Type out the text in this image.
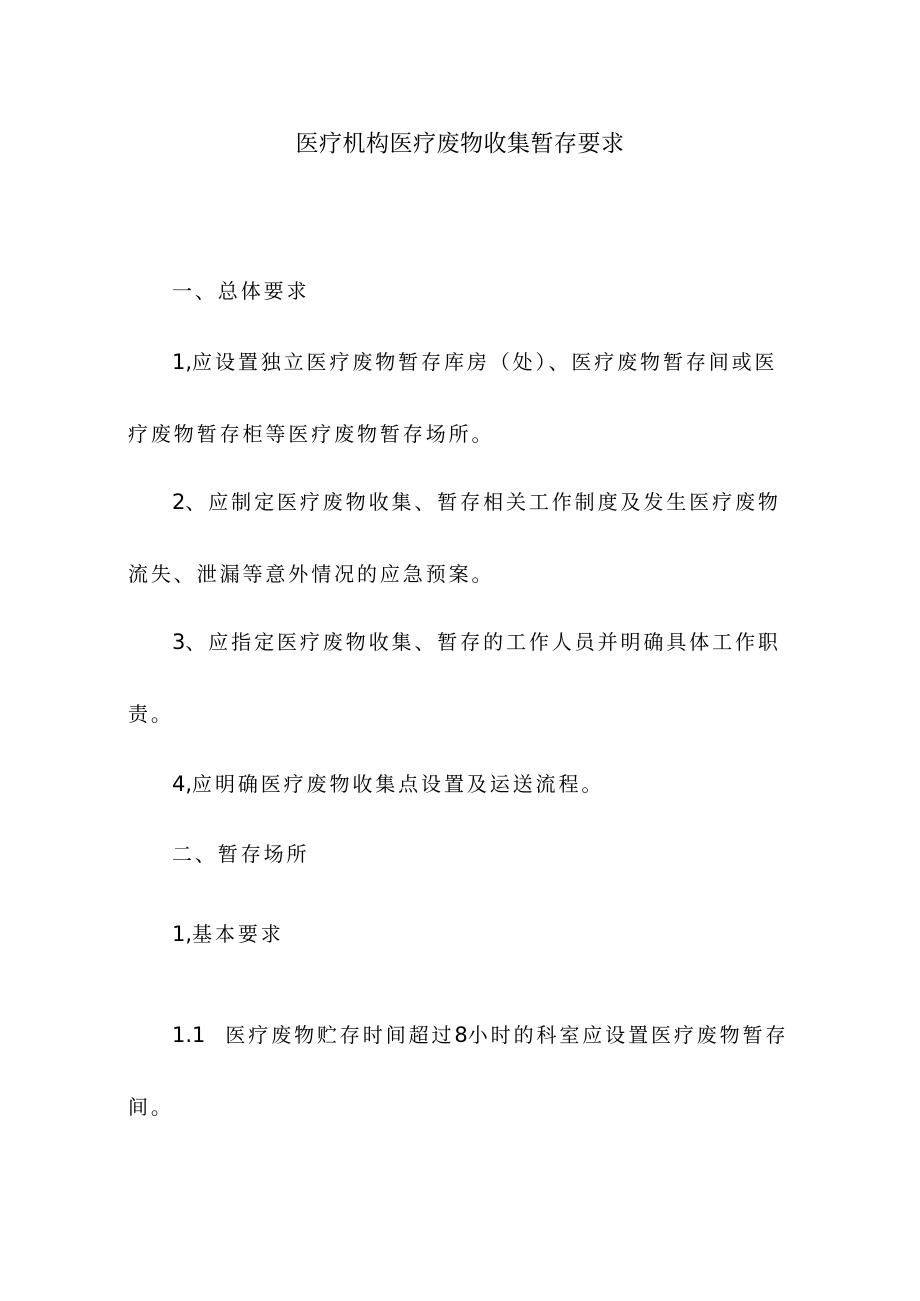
医疗机构医疗废物收集暂存要求

一、总体要求

1,应设置独立医疗废物暂存库房（处）、医疗废物暂存间或医疗废物暂存柜等医疗废物暂存场所。

2、应制定医疗废物收集、暂存相关工作制度及发生医疗废物流失、泄漏等意外情况的应急预案。

3、应指定医疗废物收集、暂存的工作人员并明确具体工作职责。

4,应明确医疗废物收集点设置及运送流程。

二、暂存场所

1,基本要求

1.1 医疗废物贮存时间超过8小时的科室应设置医疗废物暂存间。
